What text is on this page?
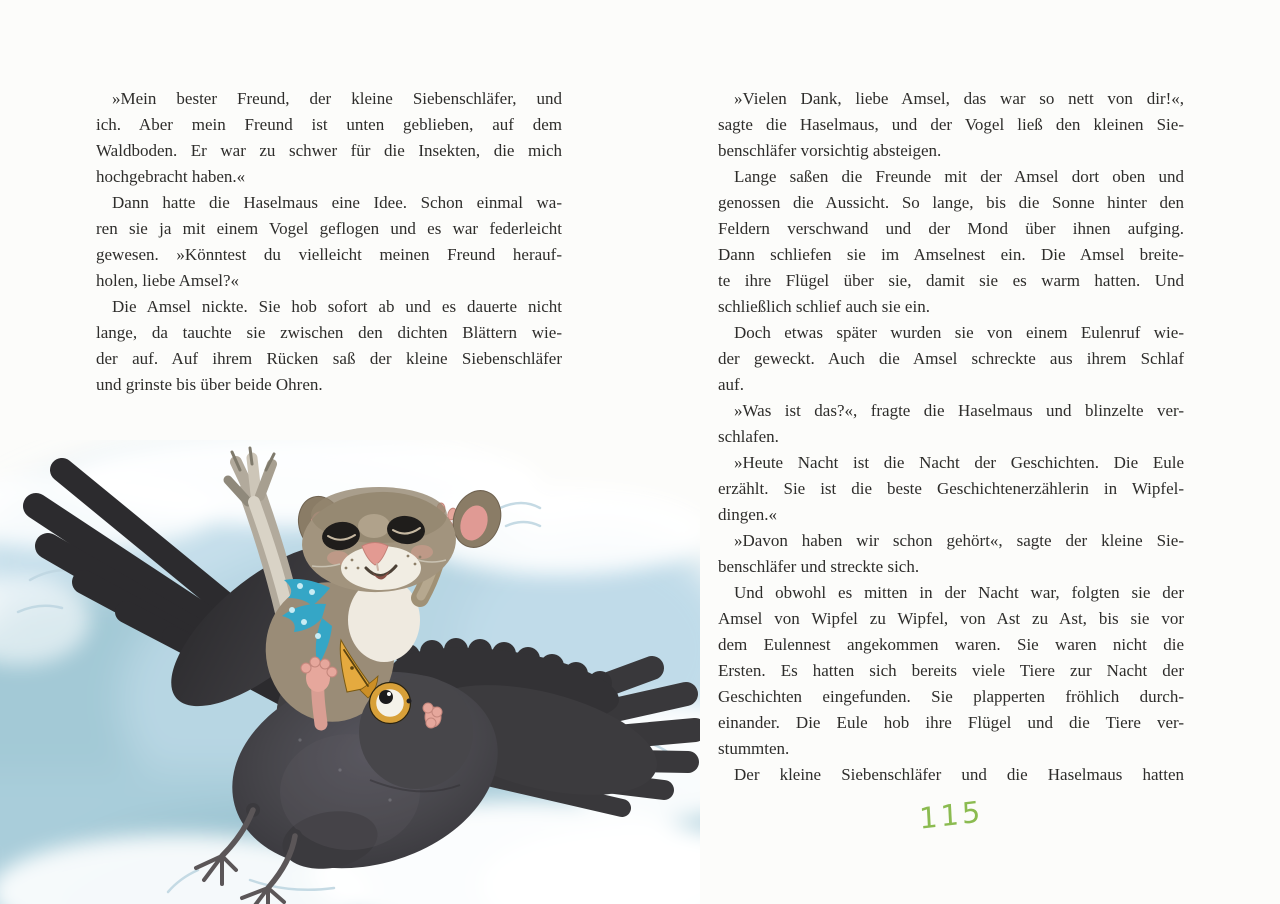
»Mein bester Freund, der kleine Siebenschläfer, und
ich. Aber mein Freund ist unten geblieben, auf dem
Waldboden. Er war zu schwer für die Insekten, die mich
hochgebracht haben.«
Dann hatte die Haselmaus eine Idee. Schon einmal wa-
ren sie ja mit einem Vogel geflogen und es war federleicht
gewesen. »Könntest du vielleicht meinen Freund herauf-
holen, liebe Amsel?«
Die Amsel nickte. Sie hob sofort ab und es dauerte nicht
lange, da tauchte sie zwischen den dichten Blättern wie-
der auf. Auf ihrem Rücken saß der kleine Siebenschläfer
und grinste bis über beide Ohren.
»Vielen Dank, liebe Amsel, das war so nett von dir!«,
sagte die Haselmaus, und der Vogel ließ den kleinen Sie-
benschläfer vorsichtig absteigen.
Lange saßen die Freunde mit der Amsel dort oben und
genossen die Aussicht. So lange, bis die Sonne hinter den
Feldern verschwand und der Mond über ihnen aufging.
Dann schliefen sie im Amselnest ein. Die Amsel breite-
te ihre Flügel über sie, damit sie es warm hatten. Und
schließlich schlief auch sie ein.
Doch etwas später wurden sie von einem Eulenruf wie-
der geweckt. Auch die Amsel schreckte aus ihrem Schlaf
auf.
»Was ist das?«, fragte die Haselmaus und blinzelte ver-
schlafen.
»Heute Nacht ist die Nacht der Geschichten. Die Eule
erzählt. Sie ist die beste Geschichtenerzählerin in Wipfel-
dingen.«
»Davon haben wir schon gehört«, sagte der kleine Sie-
benschläfer und streckte sich.
Und obwohl es mitten in der Nacht war, folgten sie der
Amsel von Wipfel zu Wipfel, von Ast zu Ast, bis sie vor
dem Eulennest angekommen waren. Sie waren nicht die
Ersten. Es hatten sich bereits viele Tiere zur Nacht der
Geschichten eingefunden. Sie plapperten fröhlich durch-
einander. Die Eule hob ihre Flügel und die Tiere ver-
stummten.
Der kleine Siebenschläfer und die Haselmaus hatten
115
